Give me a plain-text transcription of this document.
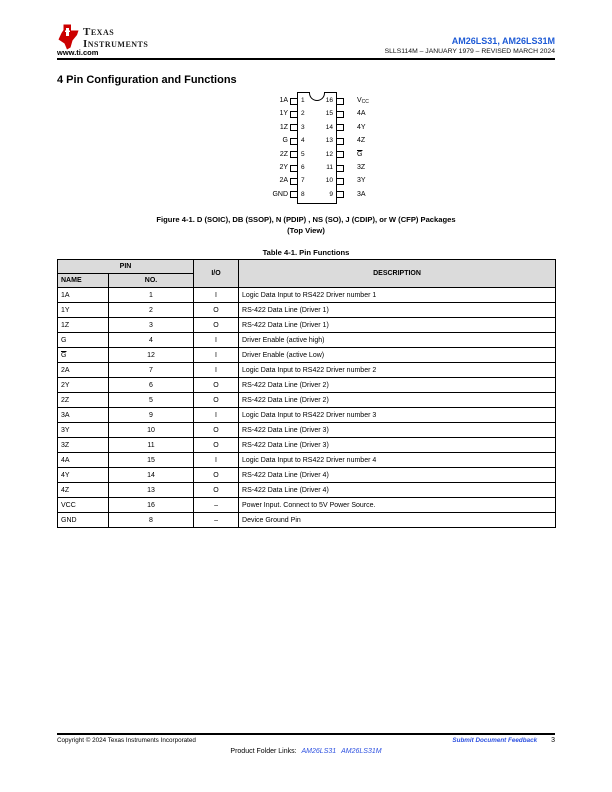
Texas
Instruments
www.ti.com
AM26LS31, AM26LS31M
SLLS114M – JANUARY 1979 – REVISED MARCH 2024
4 Pin Configuration and Functions
1A
1Y
1Z
G
2Z
2Y
2A
GND
1
2
3
4
5
6
7
8
16
15
14
13
12
11
10
9
$V_{CC}$
4A
4Y
4Z
$\overline{G}$
3Z
3Y
3A
Figure 4-1. D (SOIC), DB (SSOP), N (PDIP) , NS (SO), J (CDIP), or W (CFP) Packages
(Top View)
Table 4-1. Pin Functions
PIN		I/O	DESCRIPTION
NAME	NO.		
1A	1	I	Logic Data Input to RS422 Driver number 1
1Y	2	O	RS-422 Data Line (Driver 1)
1Z	3	O	RS-422 Data Line (Driver 1)
G	4	I	Driver Enable (active high)
$\overline{G}$	12	I	Driver Enable (active Low)
2A	7	I	Logic Data Input to RS422 Driver number 2
2Y	6	O	RS-422 Data Line (Driver 2)
2Z	5	O	RS-422 Data Line (Driver 2)
3A	9	I	Logic Data Input to RS422 Driver number 3
3Y	10	O	RS-422 Data Line (Driver 3)
3Z	11	O	RS-422 Data Line (Driver 3)
4A	15	I	Logic Data Input to RS422 Driver number 4
4Y	14	O	RS-422 Data Line (Driver 4)
4Z	13	O	RS-422 Data Line (Driver 4)
VCC	16	–	Power Input. Connect to 5V Power Source.
GND	8	–	Device Ground Pin
Copyright © 2024 Texas Instruments Incorporated	Submit Document Feedback 3
Product Folder Links: AM26LS31 AM26LS31M
